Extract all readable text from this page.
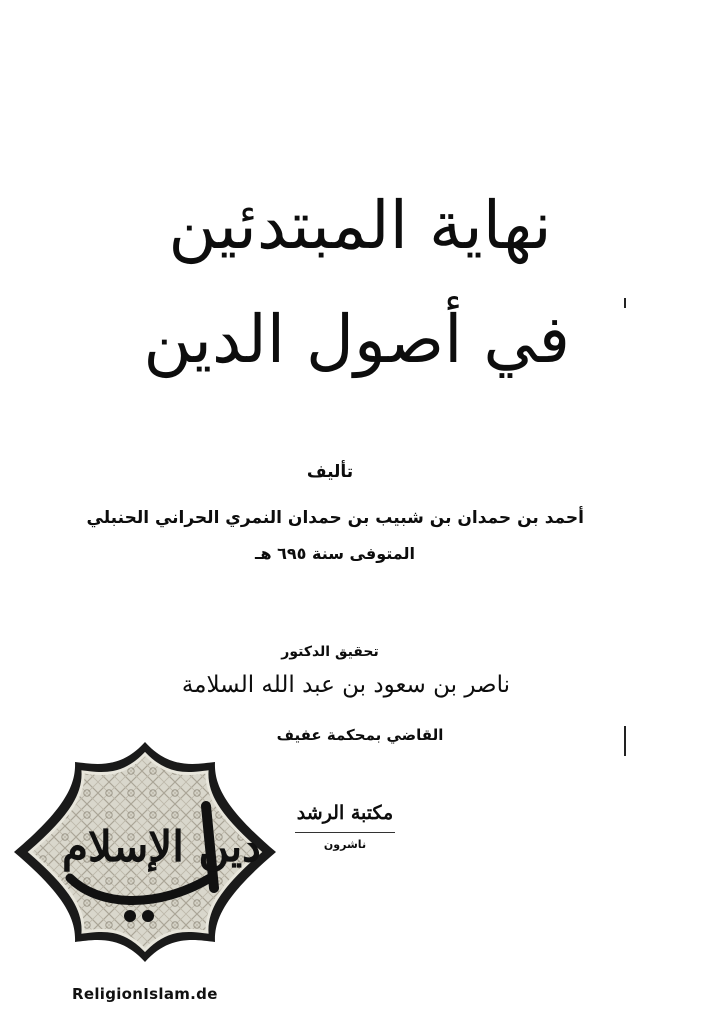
نهاية المبتدئين
في أصول الدين
تأليف
أحمد بن حمدان بن شبيب بن حمدان النمري الحراني الحنبلي
المتوفى سنة ٦٩٥ هـ
تحقيق الدكتور
ناصر بن سعود بن عبد الله السلامة
القاضي بمحكمة عفيف
مكتبة الرشد
ناشرون
دين الإسلام
ReligionIslam.de
